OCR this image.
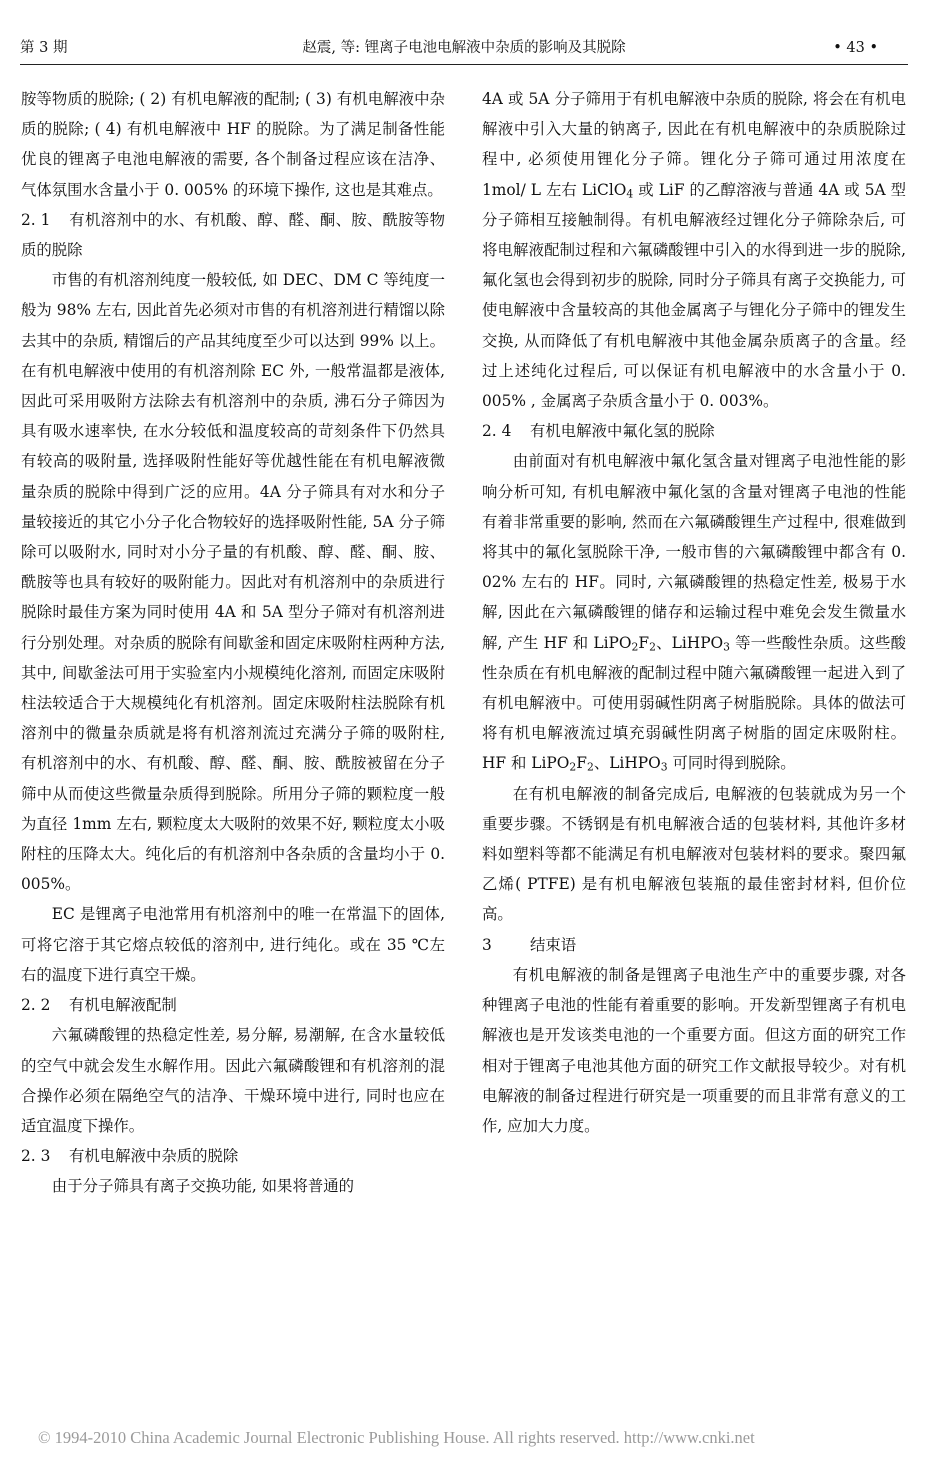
第 3 期	赵震, 等: 锂离子电池电解液中杂质的影响及其脱除	• 43 •

胺等物质的脱除; ( 2) 有机电解液的配制; ( 3) 有机电解液中杂质的脱除; ( 4) 有机电解液中 HF 的脱除。为了满足制备性能优良的锂离子电池电解液的需要, 各个制备过程应该在洁净、气体氛围水含量小于 0. 005% 的环境下操作, 这也是其难点。

2. 1 有机溶剂中的水、有机酸、醇、醛、酮、胺、酰胺等物质的脱除

市售的有机溶剂纯度一般较低, 如 DEC、DM C 等纯度一般为 98% 左右, 因此首先必须对市售的有机溶剂进行精馏以除去其中的杂质, 精馏后的产品其纯度至少可以达到 99% 以上。在有机电解液中使用的有机溶剂除 EC 外, 一般常温都是液体, 因此可采用吸附方法除去有机溶剂中的杂质, 沸石分子筛因为具有吸水速率快, 在水分较低和温度较高的苛刻条件下仍然具有较高的吸附量, 选择吸附性能好等优越性能在有机电解液微量杂质的脱除中得到广泛的应用。4A 分子筛具有对水和分子量较接近的其它小分子化合物较好的选择吸附性能, 5A 分子筛除可以吸附水, 同时对小分子量的有机酸、醇、醛、酮、胺、酰胺等也具有较好的吸附能力。因此对有机溶剂中的杂质进行脱除时最佳方案为同时使用 4A 和 5A 型分子筛对有机溶剂进行分别处理。对杂质的脱除有间歇釜和固定床吸附柱两种方法, 其中, 间歇釜法可用于实验室内小规模纯化溶剂, 而固定床吸附柱法较适合于大规模纯化有机溶剂。固定床吸附柱法脱除有机溶剂中的微量杂质就是将有机溶剂流过充满分子筛的吸附柱, 有机溶剂中的水、有机酸、醇、醛、酮、胺、酰胺被留在分子筛中从而使这些微量杂质得到脱除。所用分子筛的颗粒度一般为直径 1mm 左右, 颗粒度太大吸附的效果不好, 颗粒度太小吸附柱的压降太大。纯化后的有机溶剂中各杂质的含量均小于 0. 005%。

EC 是锂离子电池常用有机溶剂中的唯一在常温下的固体, 可将它溶于其它熔点较低的溶剂中, 进行纯化。或在 35 ℃左右的温度下进行真空干燥。

2. 2 有机电解液配制

六氟磷酸锂的热稳定性差, 易分解, 易潮解, 在含水量较低的空气中就会发生水解作用。因此六氟磷酸锂和有机溶剂的混合操作必须在隔绝空气的洁净、干燥环境中进行, 同时也应在适宜温度下操作。

2. 3 有机电解液中杂质的脱除

由于分子筛具有离子交换功能, 如果将普通的

4A 或 5A 分子筛用于有机电解液中杂质的脱除, 将会在有机电解液中引入大量的钠离子, 因此在有机电解液中的杂质脱除过程中, 必须使用锂化分子筛。锂化分子筛可通过用浓度在 1mol/ L 左右 LiClO$_4$ 或 LiF 的乙醇溶液与普通 4A 或 5A 型分子筛相互接触制得。有机电解液经过锂化分子筛除杂后, 可将电解液配制过程和六氟磷酸锂中引入的水得到进一步的脱除, 氟化氢也会得到初步的脱除, 同时分子筛具有离子交换能力, 可使电解液中含量较高的其他金属离子与锂化分子筛中的锂发生交换, 从而降低了有机电解液中其他金属杂质离子的含量。经过上述纯化过程后, 可以保证有机电解液中的水含量小于 0. 005% , 金属离子杂质含量小于 0. 003%。

2. 4 有机电解液中氟化氢的脱除

由前面对有机电解液中氟化氢含量对锂离子电池性能的影响分析可知, 有机电解液中氟化氢的含量对锂离子电池的性能有着非常重要的影响, 然而在六氟磷酸锂生产过程中, 很难做到将其中的氟化氢脱除干净, 一般市售的六氟磷酸锂中都含有 0. 02% 左右的 HF。同时, 六氟磷酸锂的热稳定性差, 极易于水解, 因此在六氟磷酸锂的储存和运输过程中难免会发生微量水解, 产生 HF 和 $LiPO_2F_2$、LiHPO$_3$ 等一些酸性杂质。这些酸性杂质在有机电解液的配制过程中随六氟磷酸锂一起进入到了有机电解液中。可使用弱碱性阴离子树脂脱除。具体的做法可将有机电解液流过填充弱碱性阴离子树脂的固定床吸附柱。HF 和 $LiPO_2F_2$、LiHPO$_3$ 可同时得到脱除。

在有机电解液的制备完成后, 电解液的包装就成为另一个重要步骤。不锈钢是有机电解液合适的包装材料, 其他许多材料如塑料等都不能满足有机电解液对包装材料的要求。聚四氟乙烯( PTFE) 是有机电解液包装瓶的最佳密封材料, 但价位高。

3 结束语

有机电解液的制备是锂离子电池生产中的重要步骤, 对各种锂离子电池的性能有着重要的影响。开发新型锂离子有机电解液也是开发该类电池的一个重要方面。但这方面的研究工作相对于锂离子电池其他方面的研究工作文献报导较少。对有机电解液的制备过程进行研究是一项重要的而且非常有意义的工作, 应加大力度。

© 1994-2010 China Academic Journal Electronic Publishing House. All rights reserved. http://www.cnki.net
